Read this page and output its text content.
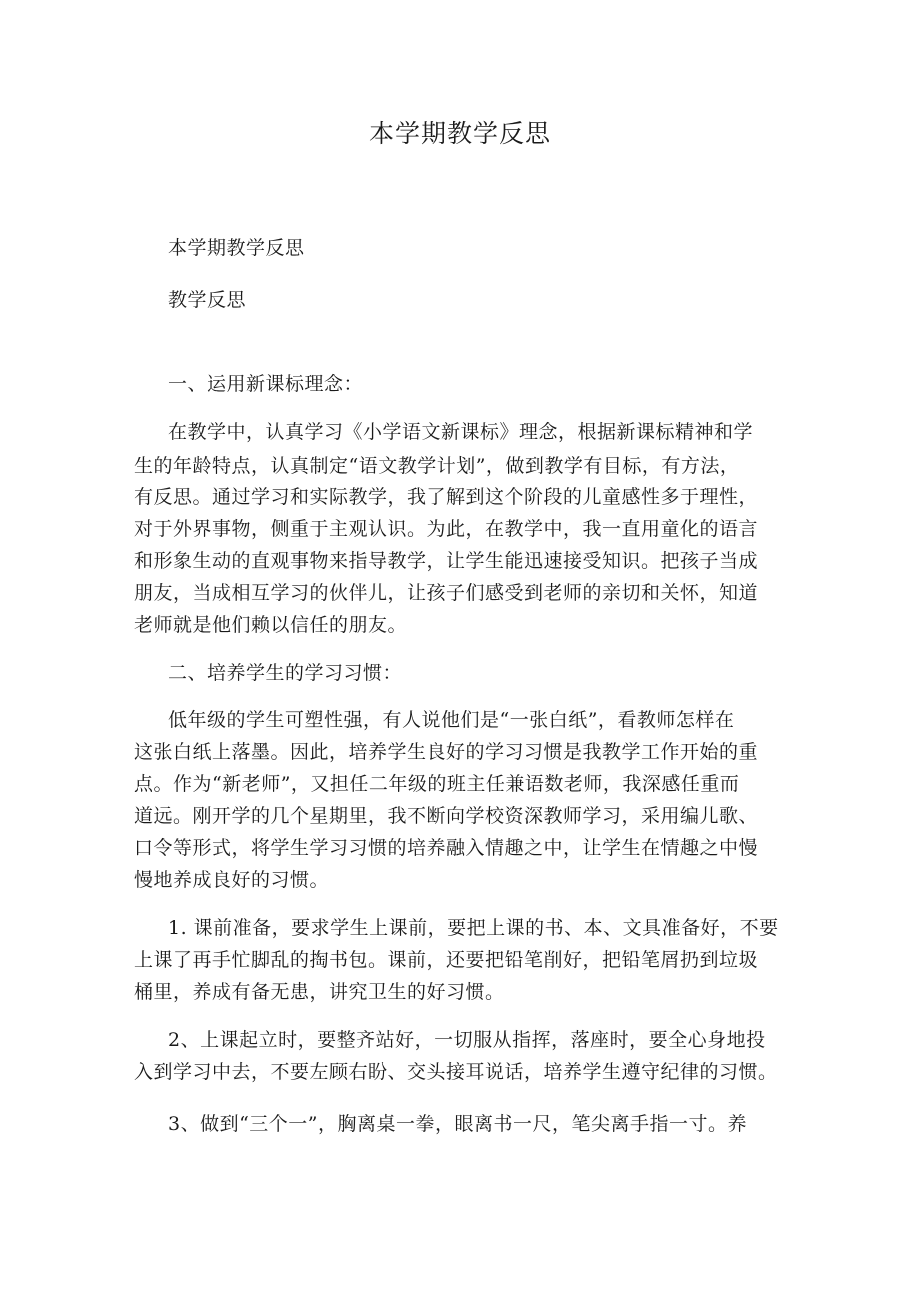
本学期教学反思
本学期教学反思
教学反思
一、运用新课标理念：
在教学中，认真学习《小学语文新课标》理念，根据新课标精神和学
生的年龄特点，认真制定“语文教学计划”，做到教学有目标，有方法，
有反思。通过学习和实际教学，我了解到这个阶段的儿童感性多于理性，
对于外界事物，侧重于主观认识。为此，在教学中，我一直用童化的语言
和形象生动的直观事物来指导教学，让学生能迅速接受知识。把孩子当成
朋友，当成相互学习的伙伴儿，让孩子们感受到老师的亲切和关怀，知道
老师就是他们赖以信任的朋友。
二、培养学生的学习习惯：
低年级的学生可塑性强，有人说他们是“一张白纸”，看教师怎样在
这张白纸上落墨。因此，培养学生良好的学习习惯是我教学工作开始的重
点。作为“新老师”，又担任二年级的班主任兼语数老师，我深感任重而
道远。刚开学的几个星期里，我不断向学校资深教师学习，采用编儿歌、
口令等形式，将学生学习习惯的培养融入情趣之中，让学生在情趣之中慢
慢地养成良好的习惯。
1. 课前准备，要求学生上课前，要把上课的书、本、文具准备好，不要
上课了再手忙脚乱的掏书包。课前，还要把铅笔削好，把铅笔屑扔到垃圾
桶里，养成有备无患，讲究卫生的好习惯。
2、上课起立时，要整齐站好，一切服从指挥，落座时，要全心身地投
入到学习中去，不要左顾右盼、交头接耳说话，培养学生遵守纪律的习惯。
3、做到“三个一”，胸离桌一拳，眼离书一尺，笔尖离手指一寸。养
